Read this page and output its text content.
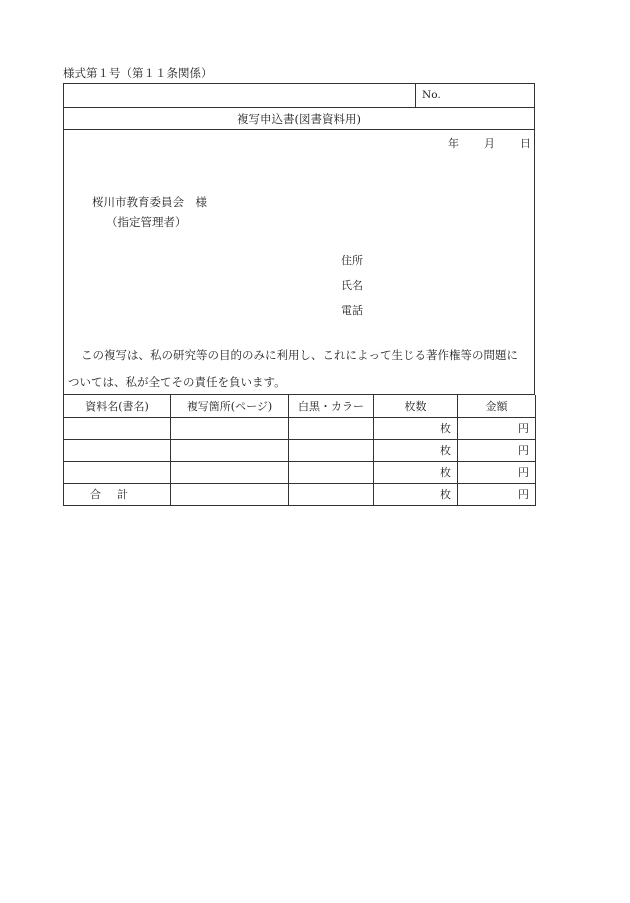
様式第１号（第１１条関係）
No.
複写申込書(図書資料用)
年 月 日
桜川市教育委員会　様
（指定管理者）
住所
氏名
電話
この複写は、私の研究等の目的のみに利用し、これによって生じる著作権等の問題に
ついては、私が全てその責任を負います。
資料名(書名)	複写箇所(ページ)	白黒・カラー	枚数	金額
			枚	円
			枚	円
			枚	円
合計			枚	円
